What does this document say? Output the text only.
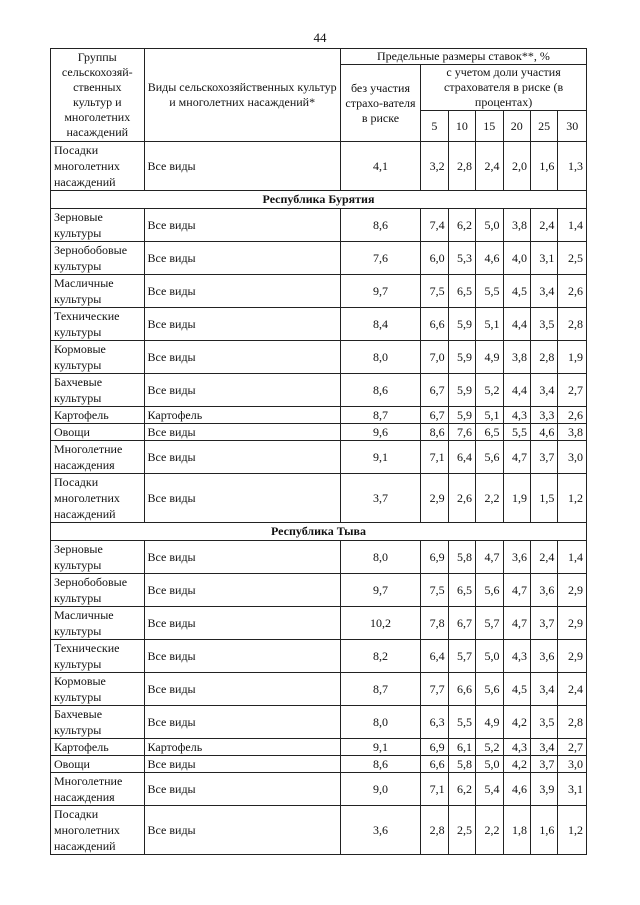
44
Группы сельскохозяй-ственных культур и многолетних насаждений	Виды сельскохозяйственных культур и многолетних насаждений*	Предельные размеры ставок**, %						
		без участия страхо-вателя в риске	с учетом доли участия страхователя в риске (в процентах)					
			5	10	15	20	25	30
Посадки многолетних насаждений	Все виды	4,1	3,2	2,8	2,4	2,0	1,6	1,3
Республика Бурятия								
Зерновые культуры	Все виды	8,6	7,4	6,2	5,0	3,8	2,4	1,4
Зернобобовые культуры	Все виды	7,6	6,0	5,3	4,6	4,0	3,1	2,5
Масличные культуры	Все виды	9,7	7,5	6,5	5,5	4,5	3,4	2,6
Технические культуры	Все виды	8,4	6,6	5,9	5,1	4,4	3,5	2,8
Кормовые культуры	Все виды	8,0	7,0	5,9	4,9	3,8	2,8	1,9
Бахчевые культуры	Все виды	8,6	6,7	5,9	5,2	4,4	3,4	2,7
Картофель	Картофель	8,7	6,7	5,9	5,1	4,3	3,3	2,6
Овощи	Все виды	9,6	8,6	7,6	6,5	5,5	4,6	3,8
Многолетние насаждения	Все виды	9,1	7,1	6,4	5,6	4,7	3,7	3,0
Посадки многолетних насаждений	Все виды	3,7	2,9	2,6	2,2	1,9	1,5	1,2
Республика Тыва								
Зерновые культуры	Все виды	8,0	6,9	5,8	4,7	3,6	2,4	1,4
Зернобобовые культуры	Все виды	9,7	7,5	6,5	5,6	4,7	3,6	2,9
Масличные культуры	Все виды	10,2	7,8	6,7	5,7	4,7	3,7	2,9
Технические культуры	Все виды	8,2	6,4	5,7	5,0	4,3	3,6	2,9
Кормовые культуры	Все виды	8,7	7,7	6,6	5,6	4,5	3,4	2,4
Бахчевые культуры	Все виды	8,0	6,3	5,5	4,9	4,2	3,5	2,8
Картофель	Картофель	9,1	6,9	6,1	5,2	4,3	3,4	2,7
Овощи	Все виды	8,6	6,6	5,8	5,0	4,2	3,7	3,0
Многолетние насаждения	Все виды	9,0	7,1	6,2	5,4	4,6	3,9	3,1
Посадки многолетних насаждений	Все виды	3,6	2,8	2,5	2,2	1,8	1,6	1,2
